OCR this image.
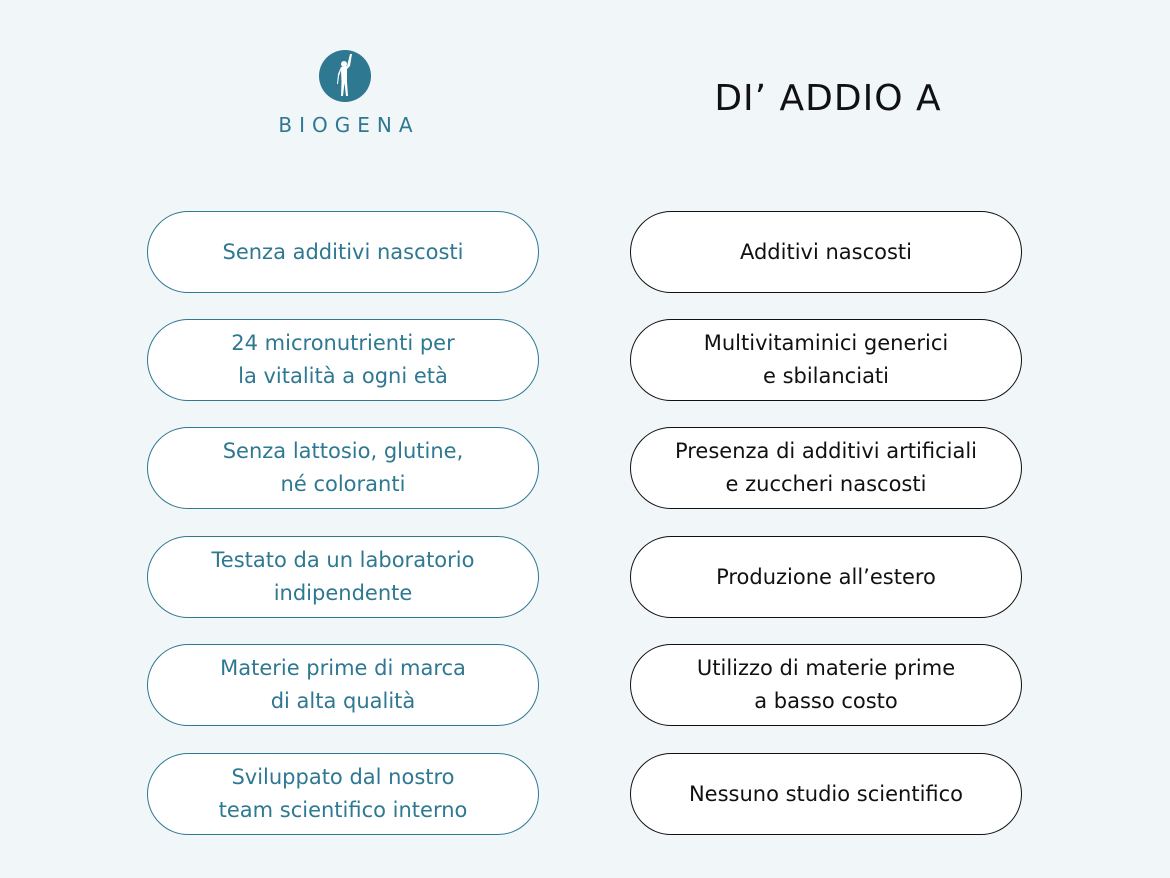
BIOGENA
DI’ ADDIO A
Senza additivi nascosti
24 micronutrienti per
la vitalità a ogni età
Senza lattosio, glutine,
né coloranti
Testato da un laboratorio
indipendente
Materie prime di marca
di alta qualità
Sviluppato dal nostro
team scientifico interno
Additivi nascosti
Multivitaminici generici
e sbilanciati
Presenza di additivi artificiali
e zuccheri nascosti
Produzione all’estero
Utilizzo di materie prime
a basso costo
Nessuno studio scientifico
